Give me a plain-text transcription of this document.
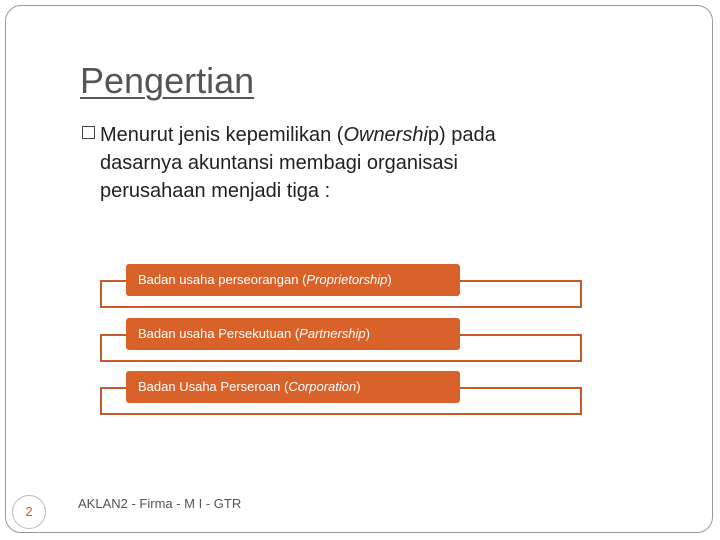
Pengertian
Menurut jenis kepemilikan (Ownership) pada
dasarnya akuntansi membagi organisasi
perusahaan menjadi tiga :
Badan usaha perseorangan (Proprietorship)
Badan usaha Persekutuan (Partnership)
Badan Usaha Perseroan (Corporation)
2
AKLAN2 - Firma - M I - GTR
